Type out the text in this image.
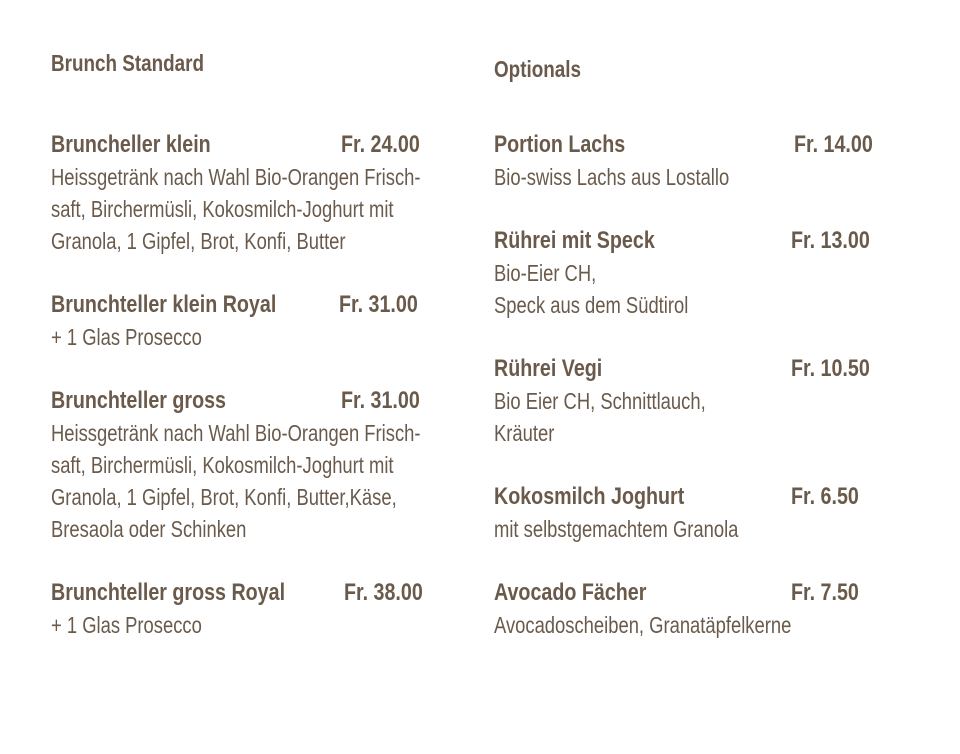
Brunch Standard
Bruncheller klein	Fr. 24.00
Heissgetränk nach Wahl Bio-Orangen Frisch-
saft, Birchermüsli, Kokosmilch-Joghurt mit
Granola, 1 Gipfel, Brot, Konfi, Butter
Brunchteller klein Royal	Fr. 31.00
+ 1 Glas Prosecco
Brunchteller gross	Fr. 31.00
Heissgetränk nach Wahl Bio-Orangen Frisch-
saft, Birchermüsli, Kokosmilch-Joghurt mit
Granola, 1 Gipfel, Brot, Konfi, Butter,Käse,
Bresaola oder Schinken
Brunchteller gross Royal Fr. 38.00
+ 1 Glas Prosecco
Optionals
Portion Lachs	Fr. 14.00
Bio-swiss Lachs aus Lostallo
Rührei mit Speck	Fr. 13.00
Bio-Eier CH,
Speck aus dem Südtirol
Rührei Vegi	Fr. 10.50
Bio Eier CH, Schnittlauch,
Kräuter
Kokosmilch Joghurt	Fr. 6.50
mit selbstgemachtem Granola
Avocado Fächer	Fr. 7.50
Avocadoscheiben, Granatäpfelkerne
